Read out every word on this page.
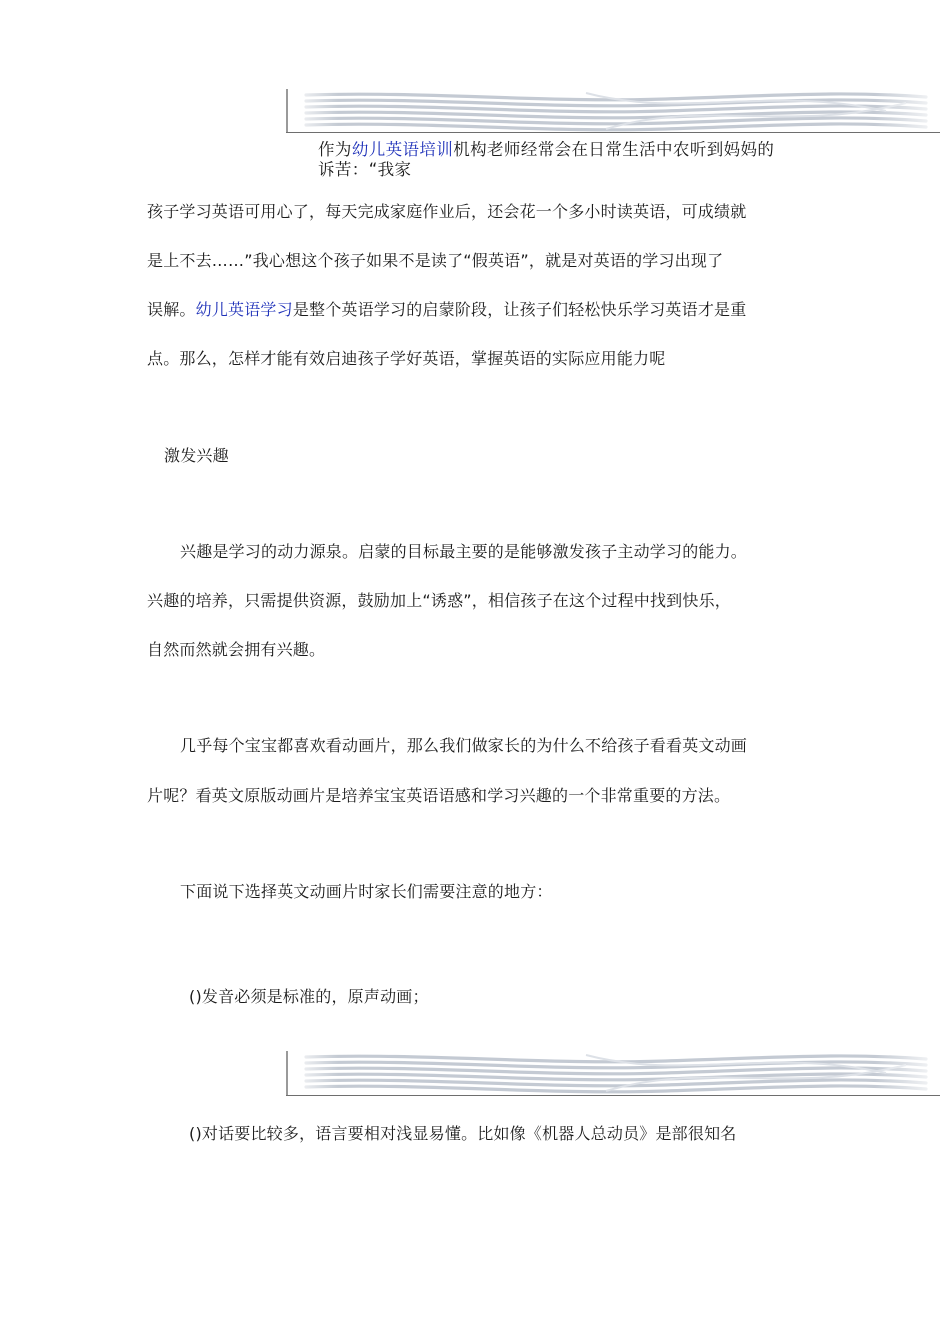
作为幼儿英语培训机构老师经常会在日常生活中农听到妈妈的
诉苦：“我家
孩子学习英语可用心了，每天完成家庭作业后，还会花一个多小时读英语，可成绩就
是上不去……”我心想这个孩子如果不是读了“假英语”，就是对英语的学习出现了
误解。幼儿英语学习是整个英语学习的启蒙阶段，让孩子们轻松快乐学习英语才是重
点。那么，怎样才能有效启迪孩子学好英语，掌握英语的实际应用能力呢
激发兴趣
兴趣是学习的动力源泉。启蒙的目标最主要的是能够激发孩子主动学习的能力。
兴趣的培养，只需提供资源，鼓励加上“诱惑”，相信孩子在这个过程中找到快乐，
自然而然就会拥有兴趣。
几乎每个宝宝都喜欢看动画片，那么我们做家长的为什么不给孩子看看英文动画
片呢？看英文原版动画片是培养宝宝英语语感和学习兴趣的一个非常重要的方法。
下面说下选择英文动画片时家长们需要注意的地方：
()发音必须是标准的，原声动画；
()对话要比较多，语言要相对浅显易懂。比如像《机器人总动员》是部很知名
